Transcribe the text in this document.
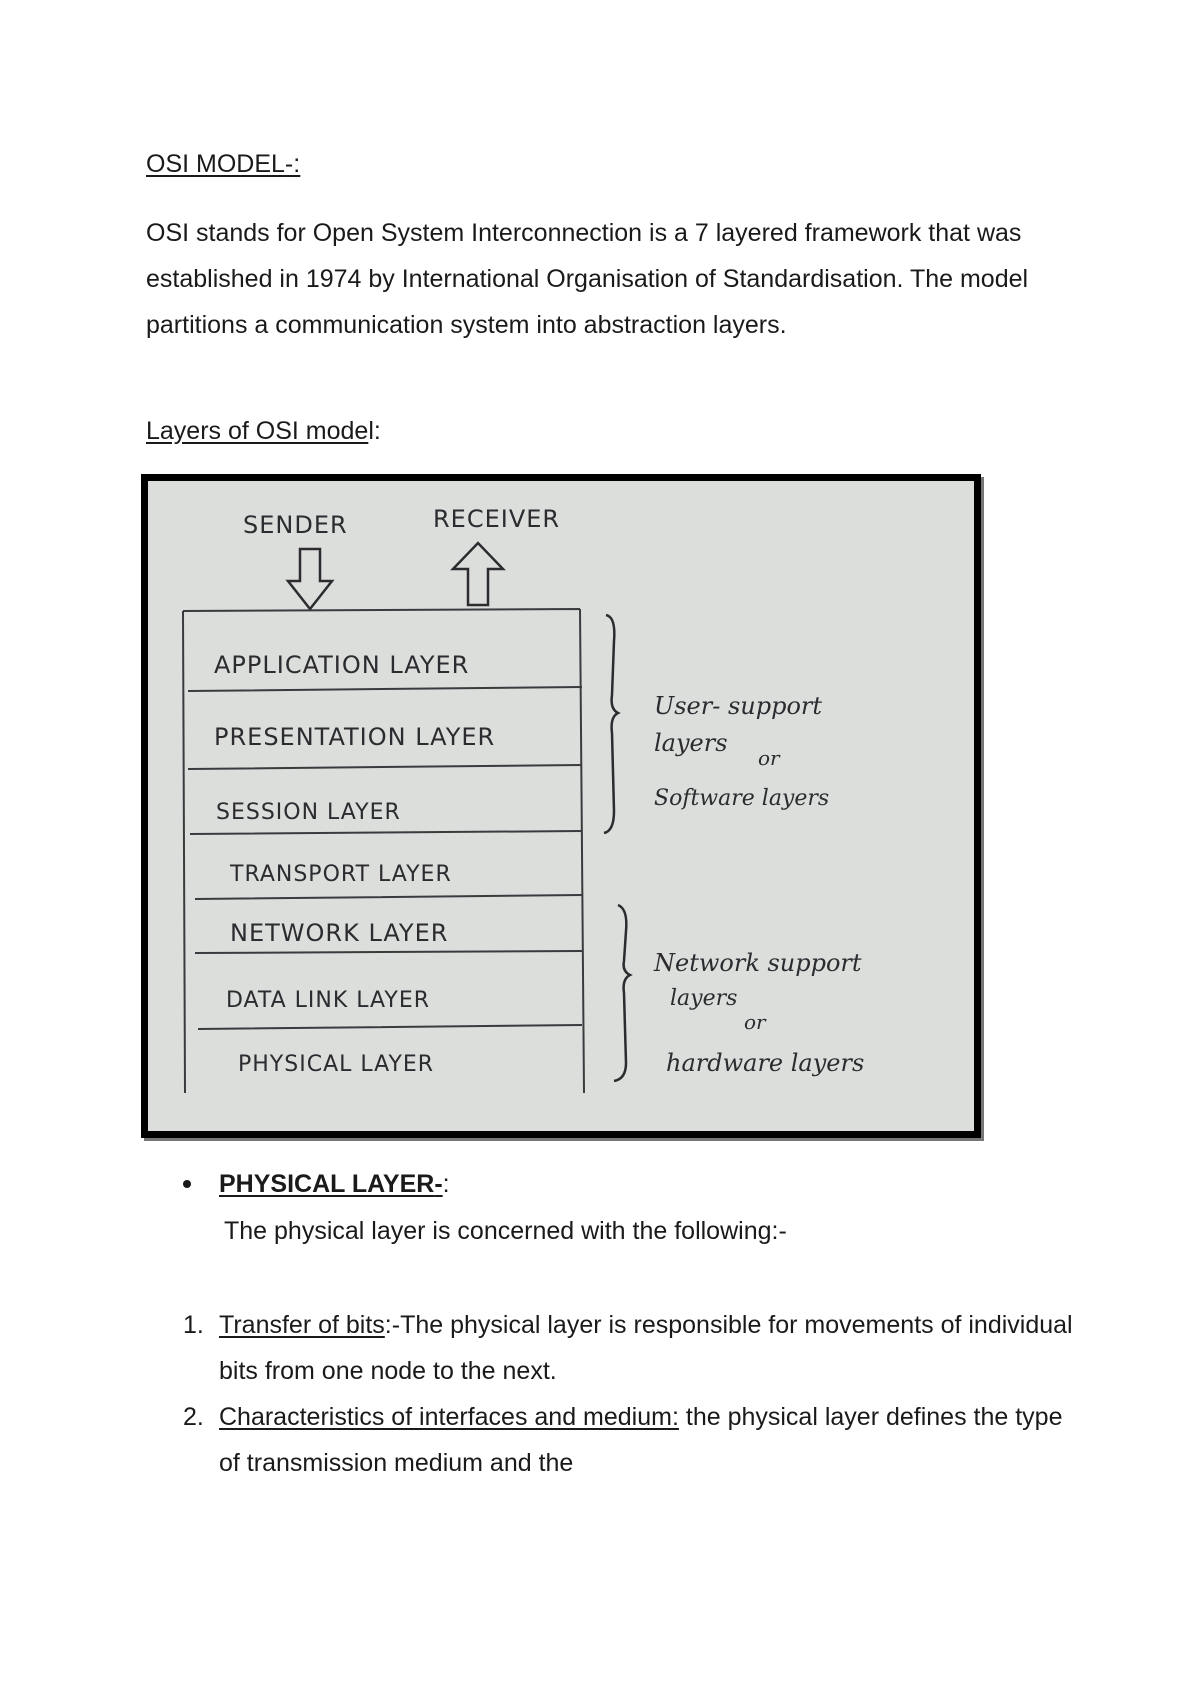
OSI MODEL-:

OSI stands for Open System Interconnection is a 7 layered framework that was established in 1974 by International Organisation of Standardisation. The model partitions a communication system into abstraction layers.

Layers of OSI model:
SENDER	RECEIVER
APPLICATION LAYER
PRESENTATION LAYER
SESSION LAYER
TRANSPORT LAYER
NETWORK LAYER
DATA LINK LAYER
PHYSICAL LAYER
User- support
layers
or
Software layers
Network support
layers
or
hardware layers
PHYSICAL LAYER-:
The physical layer is concerned with the following:-
1. Transfer of bits:-The physical layer is responsible for movements of individual bits from one node to the next.
2. Characteristics of interfaces and medium: the physical layer defines the type of transmission medium and the
